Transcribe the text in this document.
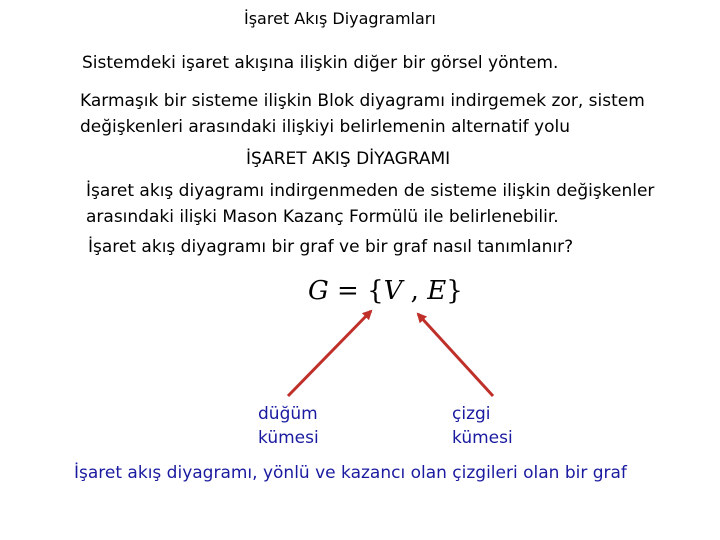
İşaret Akış Diyagramları
Sistemdeki işaret akışına ilişkin diğer bir görsel yöntem.
Karmaşık bir sisteme ilişkin Blok diyagramı indirgemek zor, sistem
değişkenleri arasındaki ilişkiyi belirlemenin alternatif yolu
İŞARET AKIŞ DİYAGRAMI
İşaret akış diyagramı indirgenmeden de sisteme ilişkin değişkenler
arasındaki ilişki Mason Kazanç Formülü ile belirlenebilir.
İşaret akış diyagramı bir graf ve bir graf nasıl tanımlanır?
G = {V , E}
düğüm
kümesi
çizgi
kümesi
İşaret akış diyagramı, yönlü ve kazancı olan çizgileri olan bir graf
